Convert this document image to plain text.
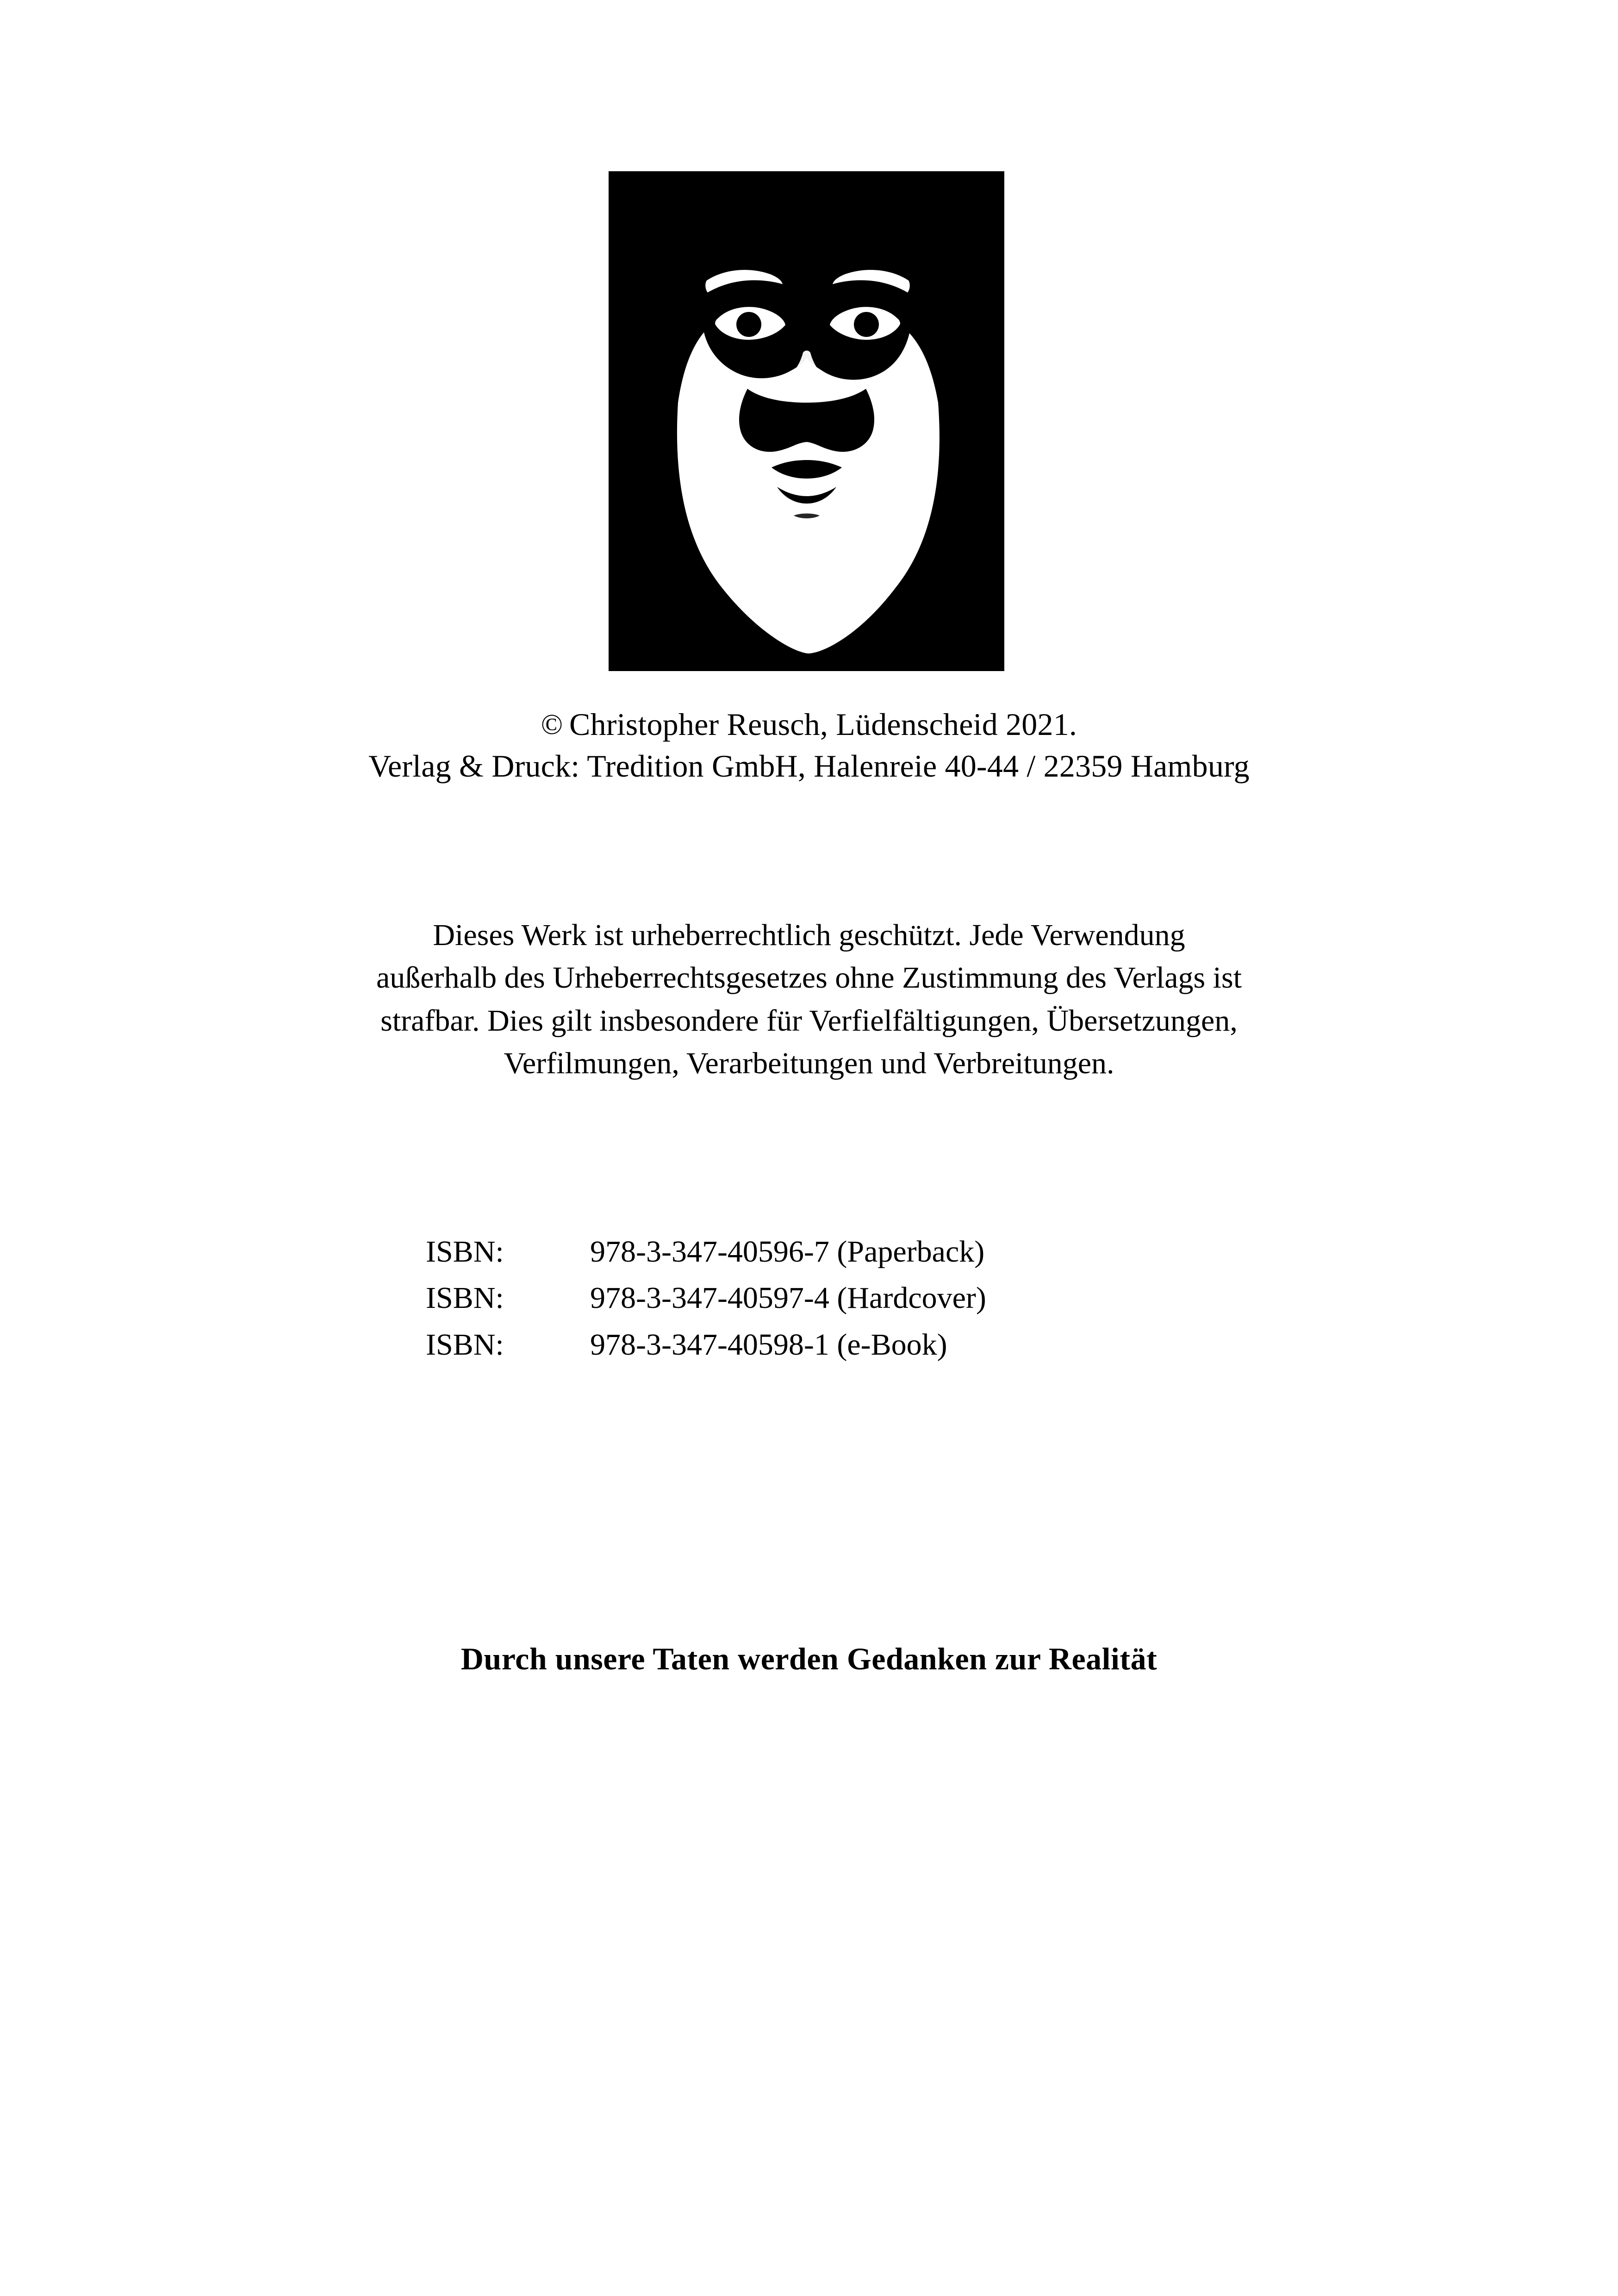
©  Christopher Reusch, Lüdenscheid 2021.
Verlag & Druck: Tredition GmbH, Halenreie 40-44 / 22359 Hamburg
Dieses Werk ist urheberrechtlich geschützt. Jede Verwendung
außerhalb des Urheberrechtsgesetzes ohne Zustimmung des Verlags ist
strafbar. Dies gilt insbesondere für Verfielfältigungen, Übersetzungen,
Verfilmungen, Verarbeitungen und Verbreitungen.
ISBN:	978-3-347-40596-7 (Paperback)
ISBN:	978-3-347-40597-4 (Hardcover)
ISBN:	978-3-347-40598-1 (e-Book)
Durch unsere Taten werden Gedanken zur Realität
